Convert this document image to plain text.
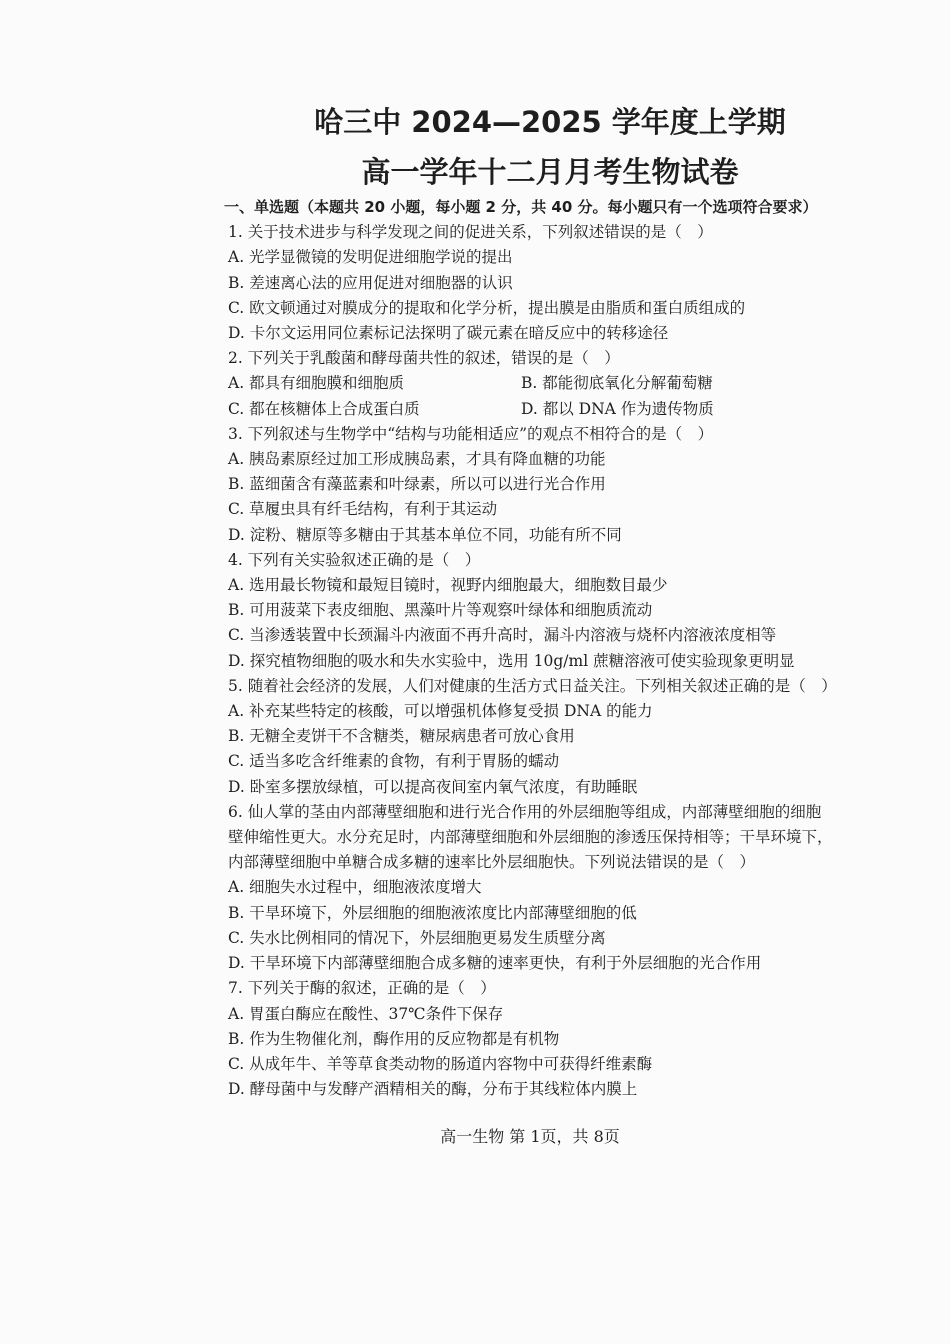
哈三中 2024—2025 学年度上学期
高一学年十二月月考生物试卷
一、单选题（本题共 20 小题，每小题 2 分，共 40 分。每小题只有一个选项符合要求）
1. 关于技术进步与科学发现之间的促进关系，下列叙述错误的是（　）
A. 光学显微镜的发明促进细胞学说的提出
B. 差速离心法的应用促进对细胞器的认识
C. 欧文顿通过对膜成分的提取和化学分析，提出膜是由脂质和蛋白质组成的
D. 卡尔文运用同位素标记法探明了碳元素在暗反应中的转移途径
2. 下列关于乳酸菌和酵母菌共性的叙述，错误的是（　）
A. 都具有细胞膜和细胞质	B. 都能彻底氧化分解葡萄糖
C. 都在核糖体上合成蛋白质	D. 都以 DNA 作为遗传物质
3. 下列叙述与生物学中“结构与功能相适应”的观点不相符合的是（　）
A. 胰岛素原经过加工形成胰岛素，才具有降血糖的功能
B. 蓝细菌含有藻蓝素和叶绿素，所以可以进行光合作用
C. 草履虫具有纤毛结构，有利于其运动
D. 淀粉、糖原等多糖由于其基本单位不同，功能有所不同
4. 下列有关实验叙述正确的是（　）
A. 选用最长物镜和最短目镜时，视野内细胞最大，细胞数目最少
B. 可用菠菜下表皮细胞、黑藻叶片等观察叶绿体和细胞质流动
C. 当渗透装置中长颈漏斗内液面不再升高时，漏斗内溶液与烧杯内溶液浓度相等
D. 探究植物细胞的吸水和失水实验中，选用 10g/ml 蔗糖溶液可使实验现象更明显
5. 随着社会经济的发展，人们对健康的生活方式日益关注。下列相关叙述正确的是（　）
A. 补充某些特定的核酸，可以增强机体修复受损 DNA 的能力
B. 无糖全麦饼干不含糖类，糖尿病患者可放心食用
C. 适当多吃含纤维素的食物，有利于胃肠的蠕动
D. 卧室多摆放绿植，可以提高夜间室内氧气浓度，有助睡眠
6. 仙人掌的茎由内部薄壁细胞和进行光合作用的外层细胞等组成，内部薄壁细胞的细胞
壁伸缩性更大。水分充足时，内部薄壁细胞和外层细胞的渗透压保持相等；干旱环境下，
内部薄壁细胞中单糖合成多糖的速率比外层细胞快。下列说法错误的是（　）
A. 细胞失水过程中，细胞液浓度增大
B. 干旱环境下，外层细胞的细胞液浓度比内部薄壁细胞的低
C. 失水比例相同的情况下，外层细胞更易发生质壁分离
D. 干旱环境下内部薄壁细胞合成多糖的速率更快，有利于外层细胞的光合作用
7. 下列关于酶的叙述，正确的是（　）
A. 胃蛋白酶应在酸性、37℃条件下保存
B. 作为生物催化剂，酶作用的反应物都是有机物
C. 从成年牛、羊等草食类动物的肠道内容物中可获得纤维素酶
D. 酵母菌中与发酵产酒精相关的酶，分布于其线粒体内膜上
高一生物 第 1页，共 8页
